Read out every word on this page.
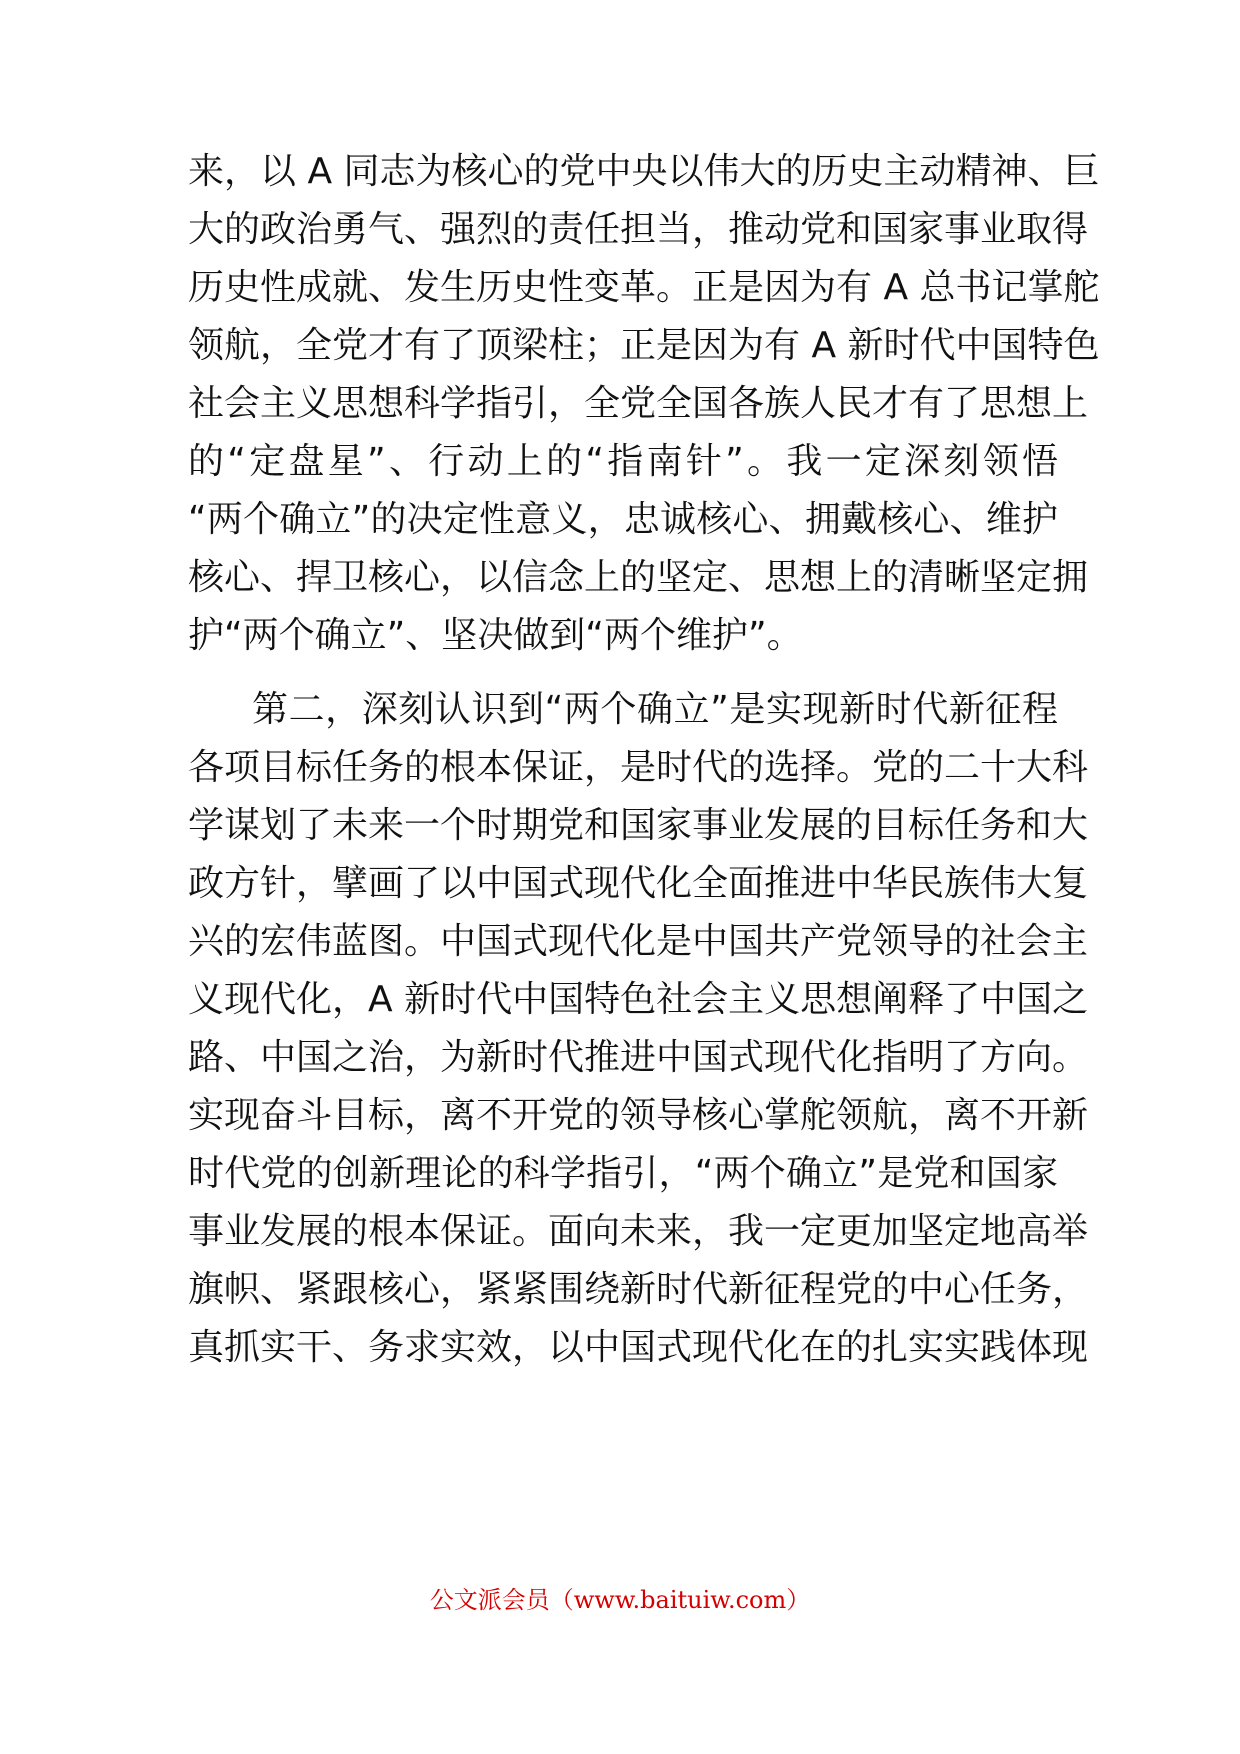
来，以 A 同志为核心的党中央以伟大的历史主动精神、巨
大的政治勇气、强烈的责任担当，推动党和国家事业取得
历史性成就、发生历史性变革。正是因为有 A 总书记掌舵
领航，全党才有了顶梁柱；正是因为有 A 新时代中国特色
社会主义思想科学指引，全党全国各族人民才有了思想上
的“定盘星”、行动上的“指南针”。我一定深刻领悟
“两个确立”的决定性意义，忠诚核心、拥戴核心、维护
核心、捍卫核心，以信念上的坚定、思想上的清晰坚定拥
护“两个确立”、坚决做到“两个维护”。
第二，深刻认识到“两个确立”是实现新时代新征程
各项目标任务的根本保证，是时代的选择。党的二十大科
学谋划了未来一个时期党和国家事业发展的目标任务和大
政方针，擘画了以中国式现代化全面推进中华民族伟大复
兴的宏伟蓝图。中国式现代化是中国共产党领导的社会主
义现代化，A 新时代中国特色社会主义思想阐释了中国之
路、中国之治，为新时代推进中国式现代化指明了方向。
实现奋斗目标，离不开党的领导核心掌舵领航，离不开新
时代党的创新理论的科学指引，“两个确立”是党和国家
事业发展的根本保证。面向未来，我一定更加坚定地高举
旗帜、紧跟核心，紧紧围绕新时代新征程党的中心任务，
真抓实干、务求实效，以中国式现代化在的扎实实践体现
公文派会员（www.baituiw.com）
